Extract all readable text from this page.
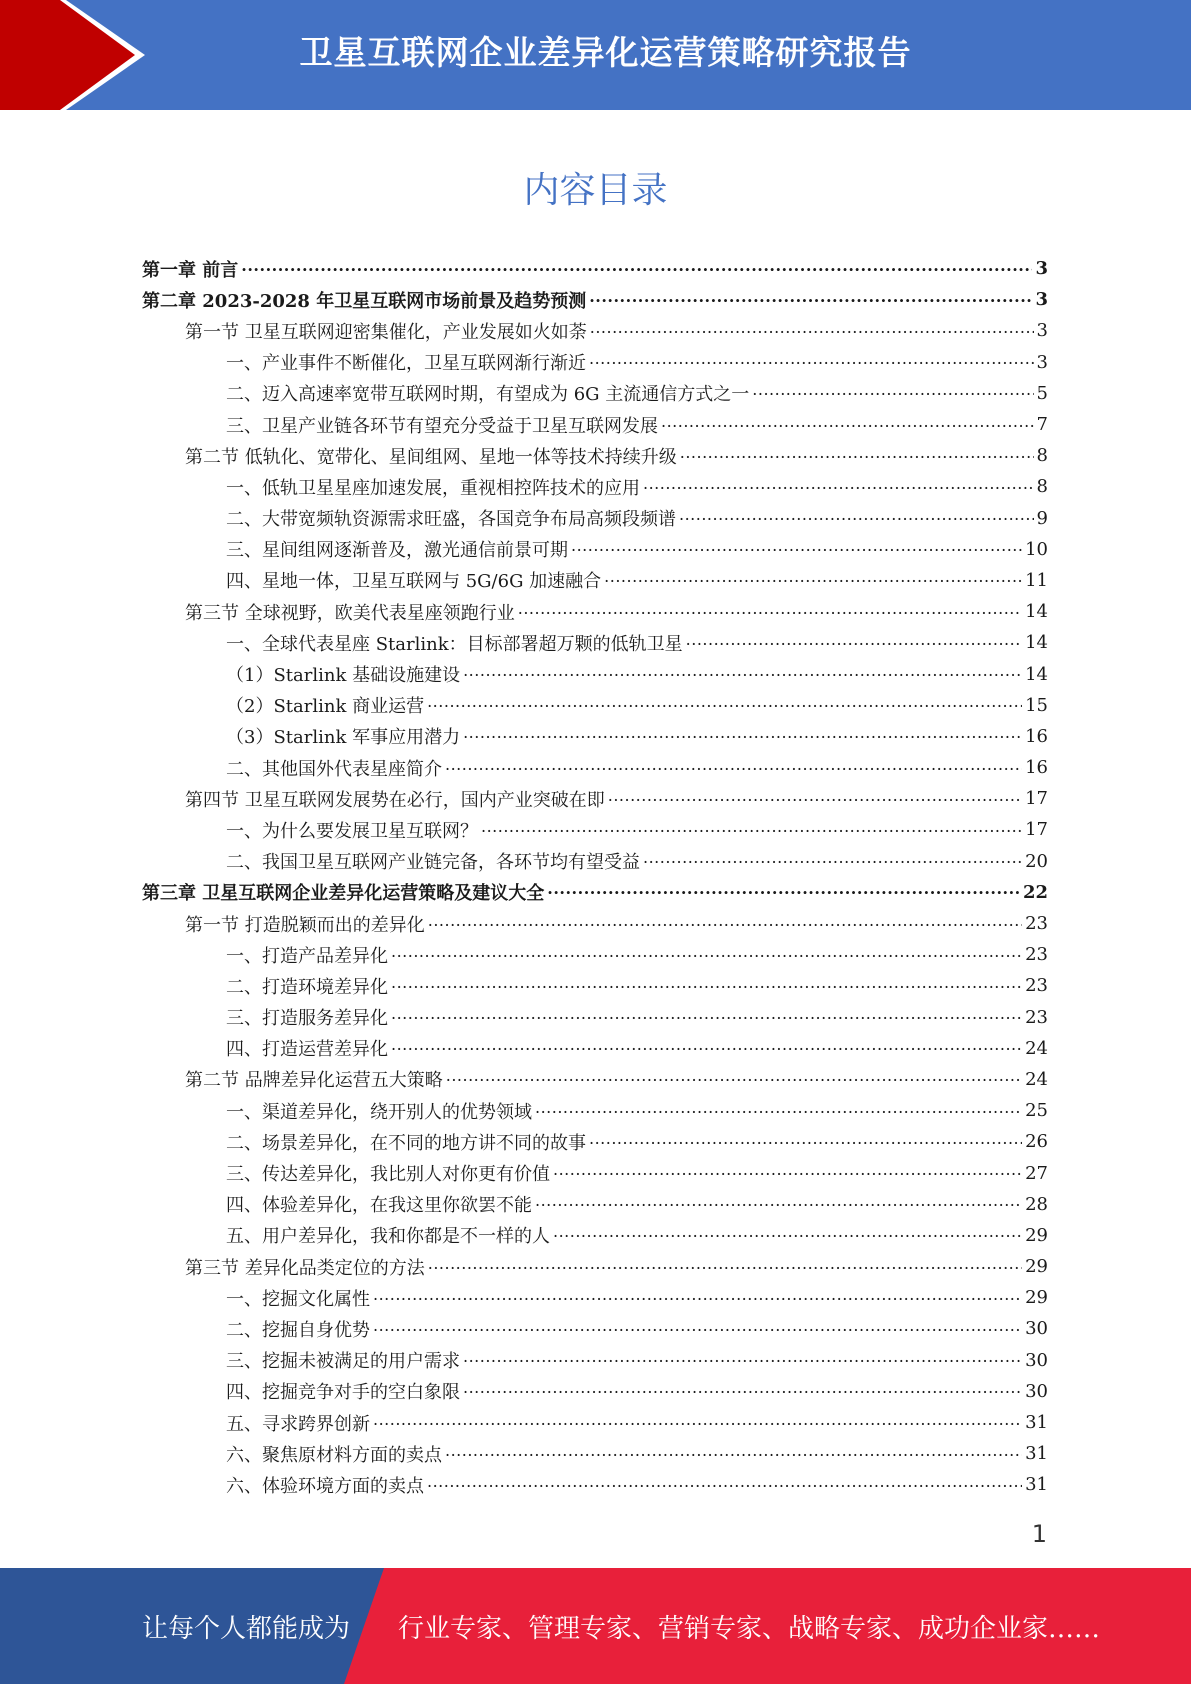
卫星互联网企业差异化运营策略研究报告
内容目录
第一章 前言 .....	3
第二章 2023-2028 年卫星互联网市场前景及趋势预测 .....	3
第一节 卫星互联网迎密集催化，产业发展如火如荼 .....	3
一、产业事件不断催化，卫星互联网渐行渐近 .....	3
二、迈入高速率宽带互联网时期，有望成为 6G 主流通信方式之一 .....	5
三、卫星产业链各环节有望充分受益于卫星互联网发展 .....	7
第二节 低轨化、宽带化、星间组网、星地一体等技术持续升级 .....	8
一、低轨卫星星座加速发展，重视相控阵技术的应用 .....	8
二、大带宽频轨资源需求旺盛，各国竞争布局高频段频谱 .....	9
三、星间组网逐渐普及，激光通信前景可期 .....	10
四、星地一体，卫星互联网与 5G/6G 加速融合 .....	11
第三节 全球视野，欧美代表星座领跑行业 .....	14
一、全球代表星座 Starlink：目标部署超万颗的低轨卫星 .....	14
（1）Starlink 基础设施建设 .....	14
（2）Starlink 商业运营 .....	15
（3）Starlink 军事应用潜力 .....	16
二、其他国外代表星座简介 .....	16
第四节 卫星互联网发展势在必行，国内产业突破在即 .....	17
一、为什么要发展卫星互联网？ .....	17
二、我国卫星互联网产业链完备，各环节均有望受益 .....	20
第三章 卫星互联网企业差异化运营策略及建议大全 .....	22
第一节 打造脱颖而出的差异化 .....	23
一、打造产品差异化 .....	23
二、打造环境差异化 .....	23
三、打造服务差异化 .....	23
四、打造运营差异化 .....	24
第二节 品牌差异化运营五大策略 .....	24
一、渠道差异化，绕开别人的优势领域 .....	25
二、场景差异化，在不同的地方讲不同的故事 .....	26
三、传达差异化，我比别人对你更有价值 .....	27
四、体验差异化，在我这里你欲罢不能 .....	28
五、用户差异化，我和你都是不一样的人 .....	29
第三节 差异化品类定位的方法 .....	29
一、挖掘文化属性 .....	29
二、挖掘自身优势 .....	30
三、挖掘未被满足的用户需求 .....	30
四、挖掘竞争对手的空白象限 .....	30
五、寻求跨界创新 .....	31
六、聚焦原材料方面的卖点 .....	31
六、体验环境方面的卖点 .....	31
1
让每个人都能成为 行业专家、管理专家、营销专家、战略专家、成功企业家……
